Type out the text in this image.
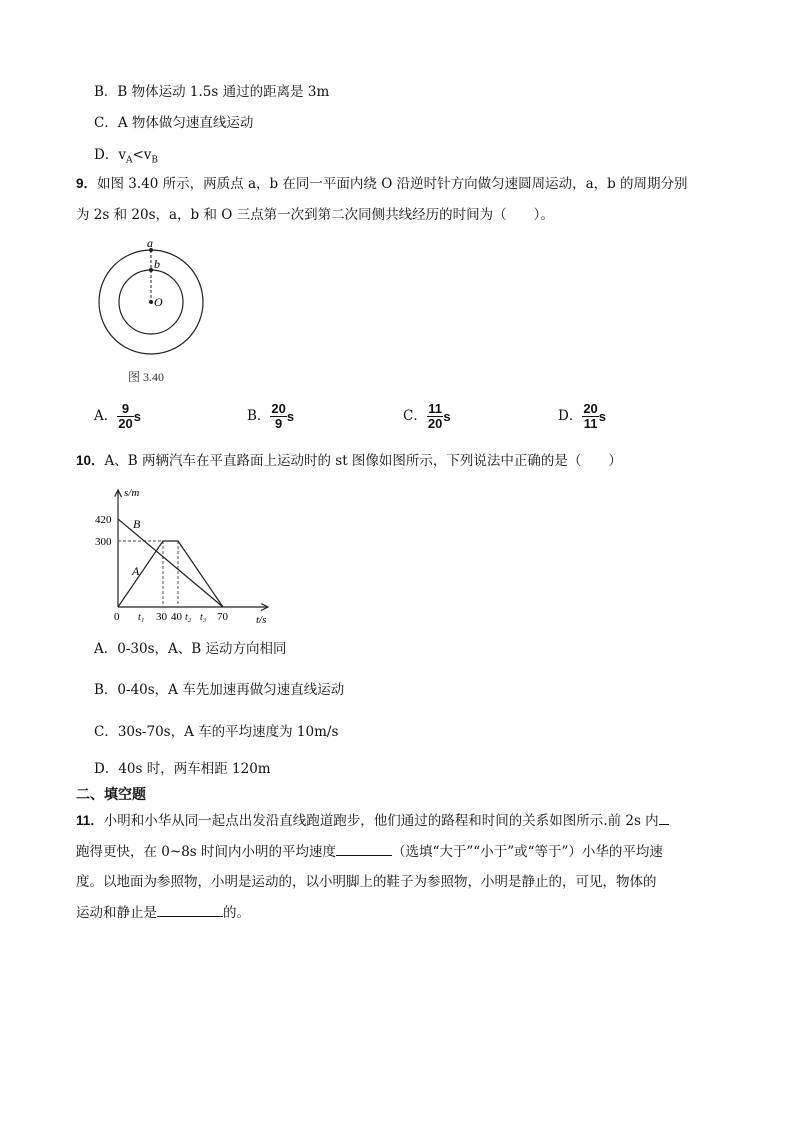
B．B 物体运动 1.5s 通过的距离是 3m
C．A 物体做匀速直线运动
D．$v_A<v_B$
9．如图 3.40 所示，两质点 a，b 在同一平面内绕 O 沿逆时针方向做匀速圆周运动，a，b 的周期分别
为 2s 和 20s，a，b 和 O 三点第一次到第二次同侧共线经历的时间为（　　）。
a
b
O
图 3.40
A． $\frac{9}{20}$ s	B． $\frac{20}{9}$ s	C． $\frac{11}{20}$ s	D． $\frac{20}{11}$ s
10．A、B 两辆汽车在平直路面上运动时的 st 图像如图所示，下列说法中正确的是（　　）
s/m
t/s
420
300
0 t₁ 30 40 t₂ t₃ 70
A
B
A．0-30s，A、B 运动方向相同
B．0-40s，A 车先加速再做匀速直线运动
C．30s-70s，A 车的平均速度为 10m/s
D．40s 时，两车相距 120m
二、填空题
11．小明和小华从同一起点出发沿直线跑道跑步，他们通过的路程和时间的关系如图所示.前 2s 内
跑得更快，在 0~8s 时间内小明的平均速度	（选填“大于”“小于”或“等于”）小华的平均速
度。以地面为参照物，小明是运动的，以小明脚上的鞋子为参照物，小明是静止的，可见，物体的
运动和静止是	的。
